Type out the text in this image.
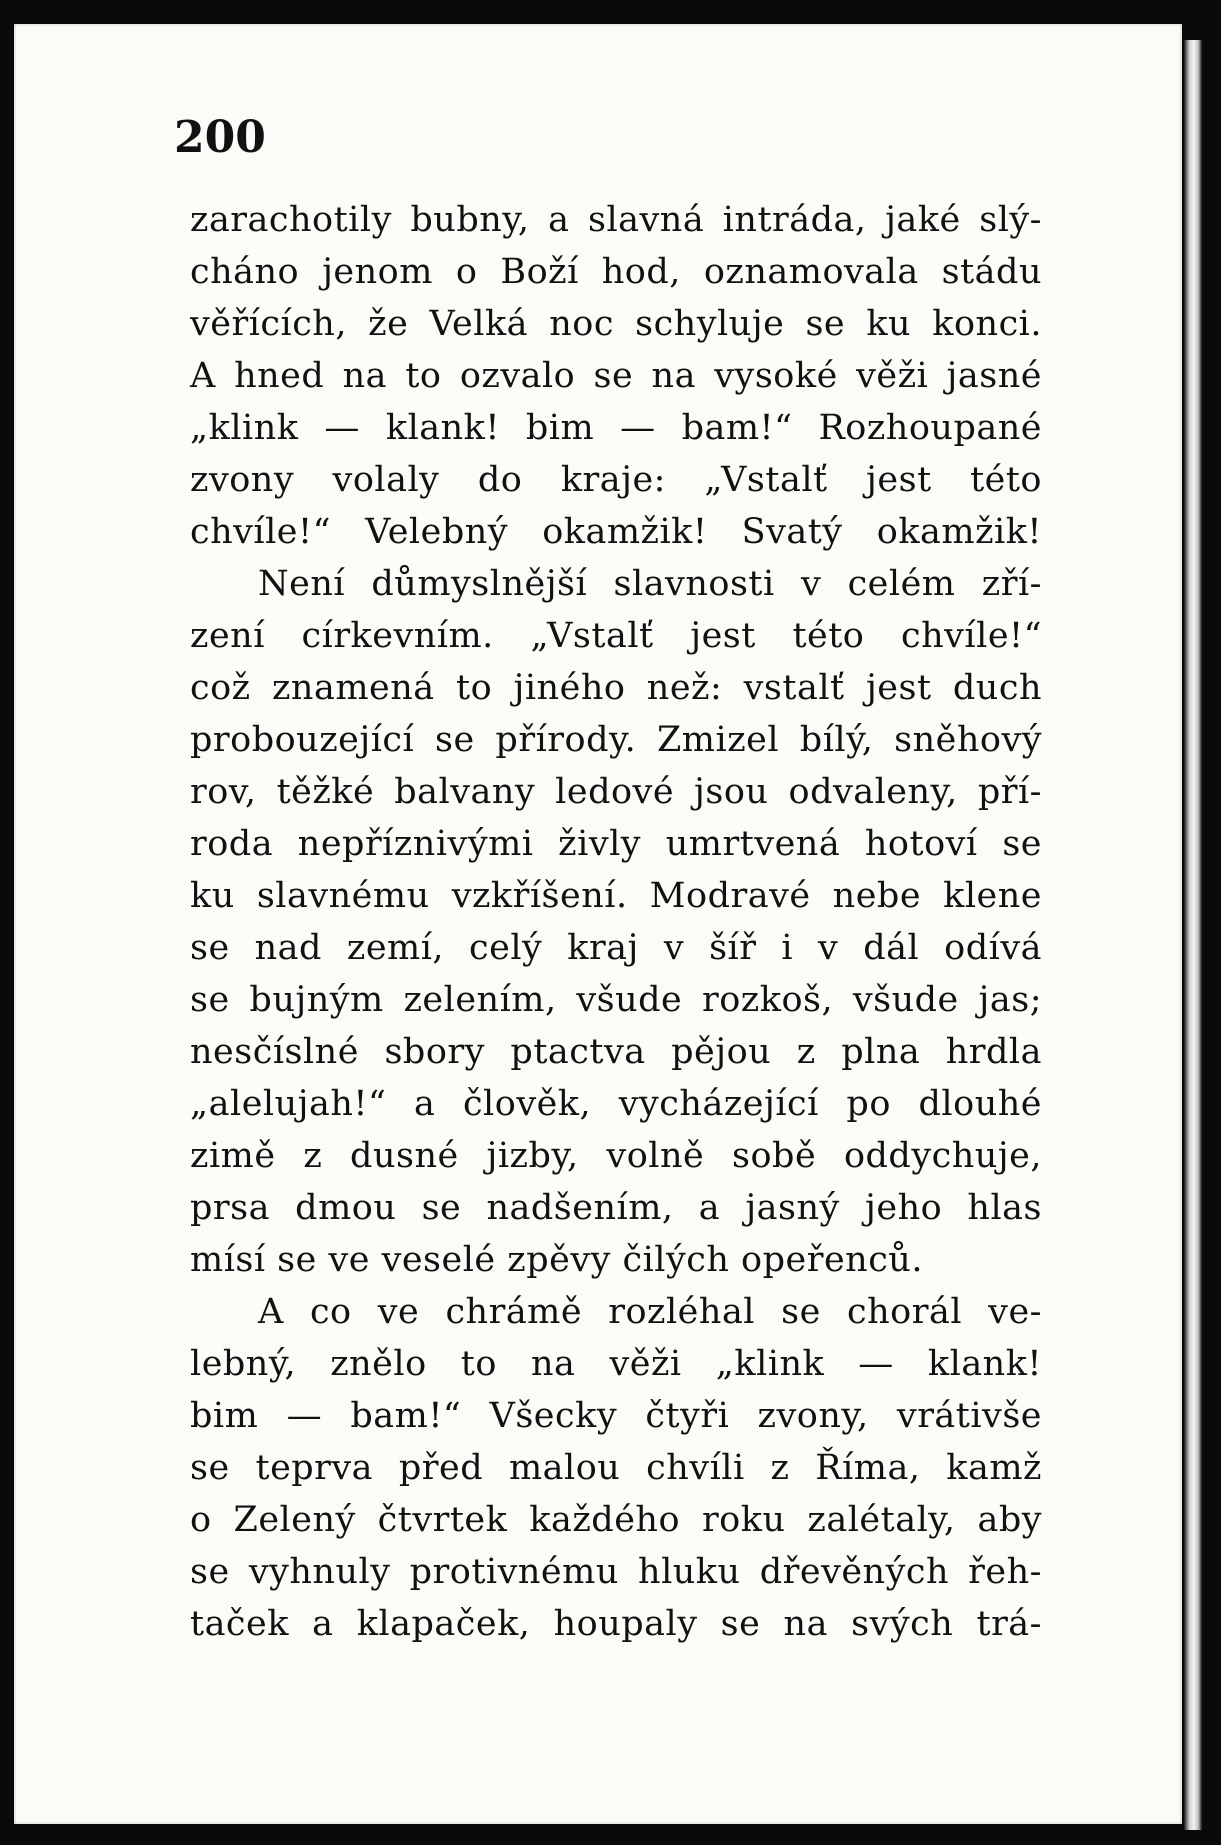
200
zarachotily bubny, a slavná intráda, jaké slý-
cháno jenom o Boží hod, oznamovala stádu
věřících, že Velká noc schyluje se ku konci.
A hned na to ozvalo se na vysoké věži jasné
„klink — klank! bim — bam!“ Rozhoupané
zvony volaly do kraje: „Vstalť jest této
chvíle!“ Velebný okamžik! Svatý okamžik!
Není důmyslnější slavnosti v celém zří-
zení církevním. „Vstalť jest této chvíle!“
což znamená to jiného než: vstalť jest duch
probouzející se přírody. Zmizel bílý, sněhový
rov, těžké balvany ledové jsou odvaleny, pří-
roda nepříznivými živly umrtvená hotoví se
ku slavnému vzkříšení. Modravé nebe klene
se nad zemí, celý kraj v šíř i v dál odívá
se bujným zelením, všude rozkoš, všude jas;
nesčíslné sbory ptactva pějou z plna hrdla
„alelujah!“ a člověk, vycházející po dlouhé
zimě z dusné jizby, volně sobě oddychuje,
prsa dmou se nadšením, a jasný jeho hlas
mísí se ve veselé zpěvy čilých opeřenců.
A co ve chrámě rozléhal se chorál ve-
lebný, znělo to na věži „klink — klank!
bim — bam!“ Všecky čtyři zvony, vrátivše
se teprva před malou chvíli z Říma, kamž
o Zelený čtvrtek každého roku zalétaly, aby
se vyhnuly protivnému hluku dřevěných řeh-
taček a klapaček, houpaly se na svých trá-
